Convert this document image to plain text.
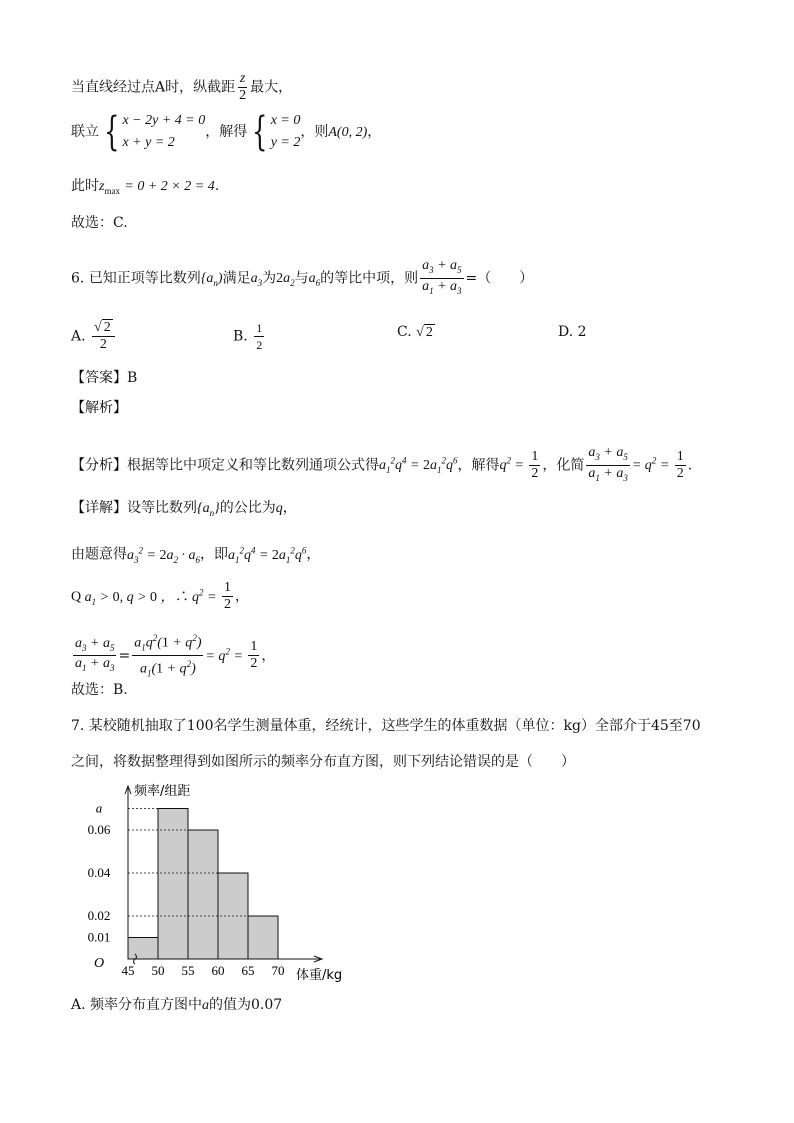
当直线经过点A时，纵截距 $\frac{z}{2}$ 最大，
联立 { x − 2y + 4 = 0
x + y = 2
，解得 { x = 0
y = 2
，则A(0, 2)，
此时$z_{max} = 0 + 2 \times 2 = 4$．
故选：C.
6. 已知正项等比数列$\{a_n)$满足$a_3$为$2a_2$与$a_6$的等比中项，则 $\frac{a_3 + a_5}{a_1 + a_3}$ =（　　）
A. $\frac{√ 2}{2}$	B. $\frac{1}{2}$	C. √ 2	D. 2
【答案】B
【解析】
【分析】根据等比中项定义和等比数列通项公式得$a_1^2q^4 = 2a_1^2q^6$，解得$q^2 = \frac{1}{2}$ ，化简 $\frac{a_3 + a_5}{a_1 + a_3} = q^2 = \frac{1}{2}$ .
【详解】设等比数列$\{a_n\}$的公比为q，
由题意得$a_3^2 = 2a_2 \cdot a_6$，即$a_1^2q^4 = 2a_1^2q^6$，
Q $a_1 > 0$, q > 0 ，∴ $q^2 = \frac{1}{2}$ ，
$\frac{a_3 + a_5}{a_1 + a_3} = \frac{a_1q^2(1 + q^2)}{a_1(1 + q^2)} = q^2 = \frac{1}{2}$ ，
故选：B.
7. 某校随机抽取了100名学生测量体重，经统计，这些学生的体重数据（单位：kg）全部介于45至70
之间，将数据整理得到如图所示的频率分布直方图，则下列结论错误的是（　　）
0.01
0.02
0.04
0.06
a
频率/组距
体重/kg
O 45 50 55 60 65 70
A. 频率分布直方图中a的值为0.07
